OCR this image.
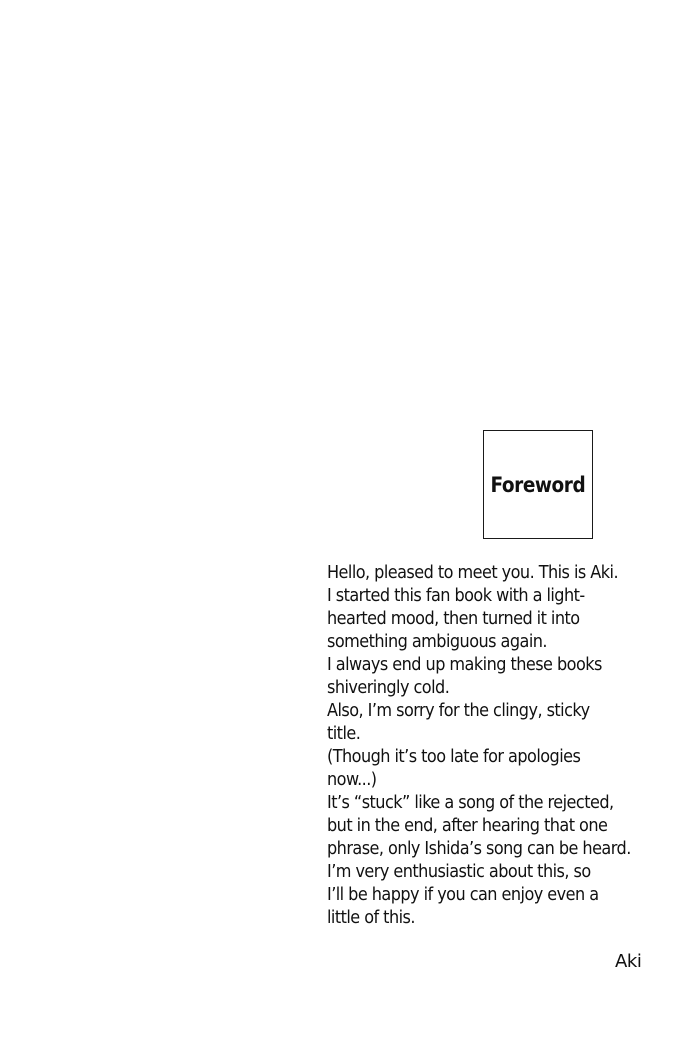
Foreword
Hello, pleased to meet you. This is Aki.
I started this fan book with a light-
hearted mood, then turned it into
something ambiguous again.
I always end up making these books
shiveringly cold.
Also, I’m sorry for the clingy, sticky
title.
(Though it’s too late for apologies
now...)
It’s “stuck” like a song of the rejected,
but in the end, after hearing that one
phrase, only Ishida’s song can be heard.
I’m very enthusiastic about this, so
I’ll be happy if you can enjoy even a
little of this.
Aki
